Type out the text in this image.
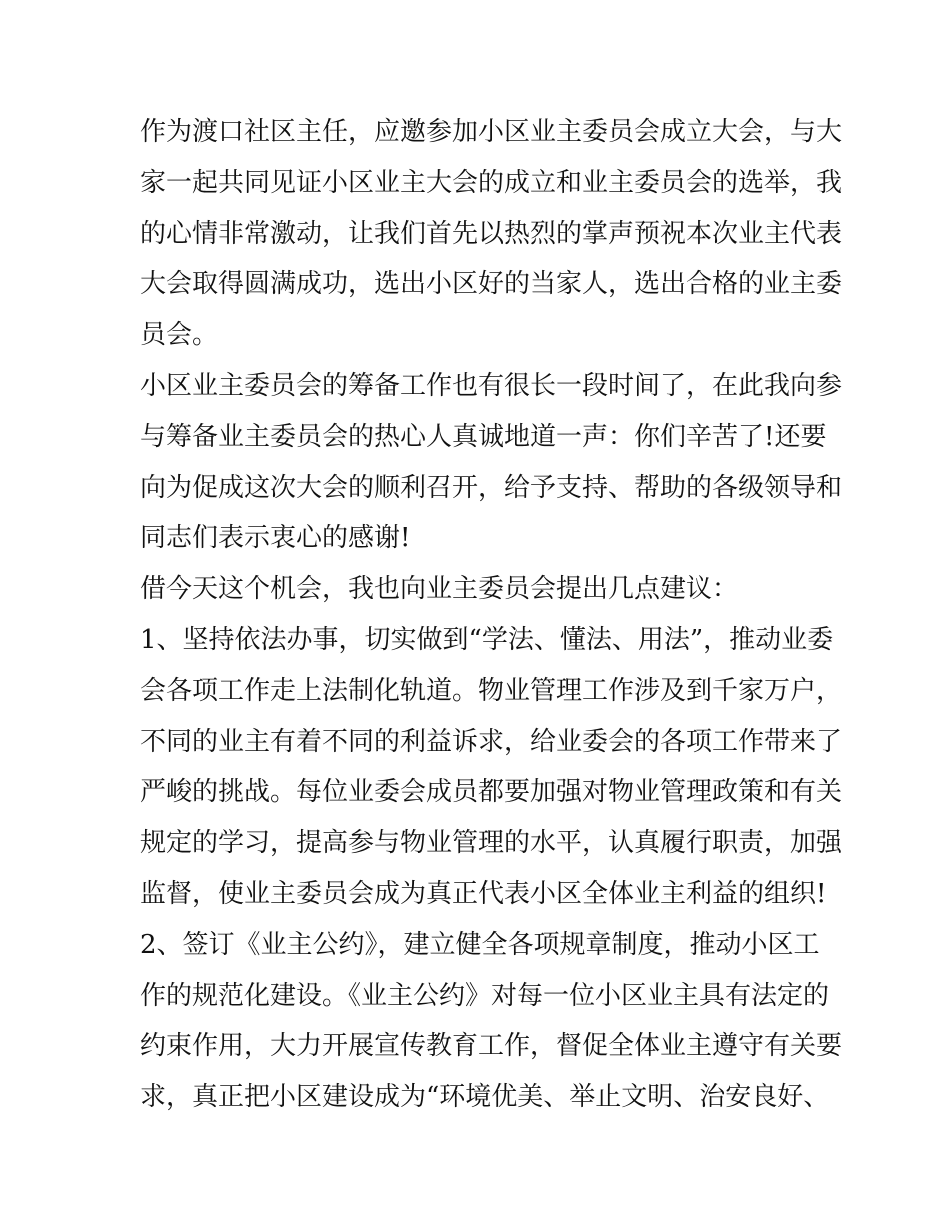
作为渡口社区主任，应邀参加小区业主委员会成立大会，与大
家一起共同见证小区业主大会的成立和业主委员会的选举，我
的心情非常激动，让我们首先以热烈的掌声预祝本次业主代表
大会取得圆满成功，选出小区好的当家人，选出合格的业主委
员会。
小区业主委员会的筹备工作也有很长一段时间了，在此我向参
与筹备业主委员会的热心人真诚地道一声：你们辛苦了!还要
向为促成这次大会的顺利召开，给予支持、帮助的各级领导和
同志们表示衷心的感谢!
借今天这个机会，我也向业主委员会提出几点建议：
1、坚持依法办事，切实做到“学法、懂法、用法”，推动业委
会各项工作走上法制化轨道。物业管理工作涉及到千家万户，
不同的业主有着不同的利益诉求，给业委会的各项工作带来了
严峻的挑战。每位业委会成员都要加强对物业管理政策和有关
规定的学习，提高参与物业管理的水平，认真履行职责，加强
监督，使业主委员会成为真正代表小区全体业主利益的组织!
2、签订《业主公约》，建立健全各项规章制度，推动小区工
作的规范化建设。《业主公约》对每一位小区业主具有法定的
约束作用，大力开展宣传教育工作，督促全体业主遵守有关要
求，真正把小区建设成为“环境优美、举止文明、治安良好、
